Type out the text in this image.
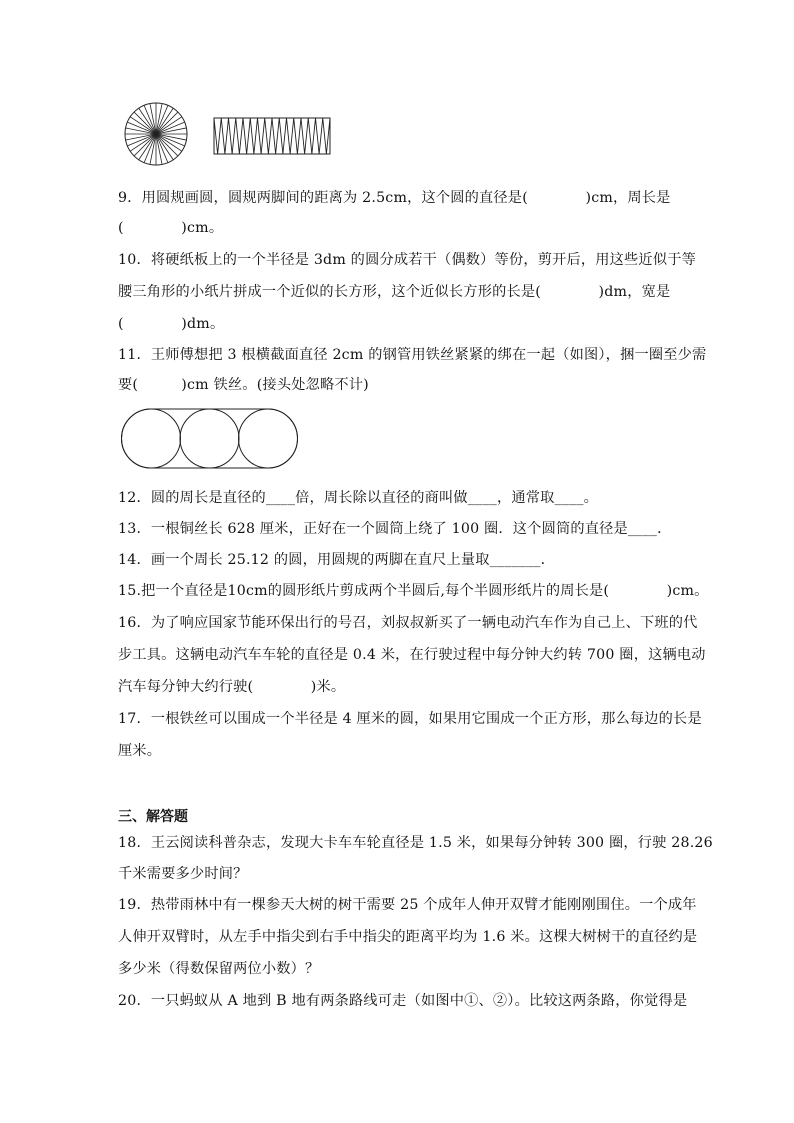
9．用圆规画圆，圆规两脚间的距离为 2.5cm，这个圆的直径是(　　　　)cm，周长是
(　　　　)cm。
10．将硬纸板上的一个半径是 3dm 的圆分成若干（偶数）等份，剪开后，用这些近似于等
腰三角形的小纸片拼成一个近似的长方形，这个近似长方形的长是(　　　　)dm，宽是
(　　　　)dm。
11．王师傅想把 3 根横截面直径 2cm 的钢管用铁丝紧紧的绑在一起（如图），捆一圈至少需
要(　　　)cm 铁丝。(接头处忽略不计)
12．圆的周长是直径的____倍，周长除以直径的商叫做____，通常取____。
13．一根铜丝长 628 厘米，正好在一个圆筒上绕了 100 圈．这个圆筒的直径是____．
14．画一个周长 25.12 的圆，用圆规的两脚在直尺上量取_______．
15.把一个直径是10cm的圆形纸片剪成两个半圆后,每个半圆形纸片的周长是(　　　　)cm。
16．为了响应国家节能环保出行的号召，刘叔叔新买了一辆电动汽车作为自己上、下班的代
步工具。这辆电动汽车车轮的直径是 0.4 米，在行驶过程中每分钟大约转 700 圈，这辆电动
汽车每分钟大约行驶(　　　　)米。
17．一根铁丝可以围成一个半径是 4 厘米的圆，如果用它围成一个正方形，那么每边的长是
厘米。
三、解答题
18．王云阅读科普杂志，发现大卡车车轮直径是 1.5 米，如果每分钟转 300 圈，行驶 28.26
千米需要多少时间？
19．热带雨林中有一棵参天大树的树干需要 25 个成年人伸开双臂才能刚刚围住。一个成年
人伸开双臂时，从左手中指尖到右手中指尖的距离平均为 1.6 米。这棵大树树干的直径约是
多少米（得数保留两位小数）？
20．一只蚂蚁从 A 地到 B 地有两条路线可走（如图中①、②）。比较这两条路，你觉得是
